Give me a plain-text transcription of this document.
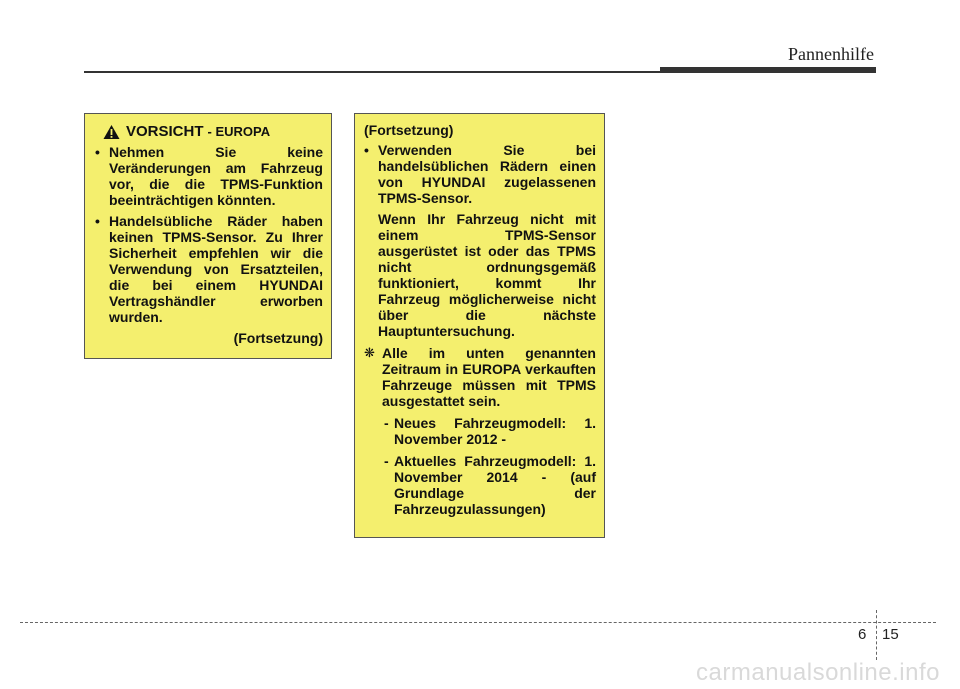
Pannenhilfe
VORSICHT - EUROPA
• Nehmen Sie keine Veränderungen am Fahrzeug vor, die die TPMS-Funktion beeinträchtigen könnten.
• Handelsübliche Räder haben keinen TPMS-Sensor. Zu Ihrer Sicherheit empfehlen wir die Verwendung von Ersatzteilen, die bei einem HYUNDAI Vertragshändler erworben wurden.
(Fortsetzung)
(Fortsetzung)
• Verwenden Sie bei handelsüblichen Rädern einen von HYUNDAI zugelassenen TPMS-Sensor.
Wenn Ihr Fahrzeug nicht mit einem TPMS-Sensor ausgerüstet ist oder das TPMS nicht ordnungsgemäß funktioniert, kommt Ihr Fahrzeug möglicherweise nicht über die nächste Hauptuntersuchung.
❋ Alle im unten genannten Zeitraum in EUROPA verkauften Fahrzeuge müssen mit TPMS ausgestattet sein.
- Neues Fahrzeugmodell: 1. November 2012 -
- Aktuelles Fahrzeugmodell: 1. November 2014 - (auf Grundlage der Fahrzeugzulassungen)
6 15
carmanualsonline.info
